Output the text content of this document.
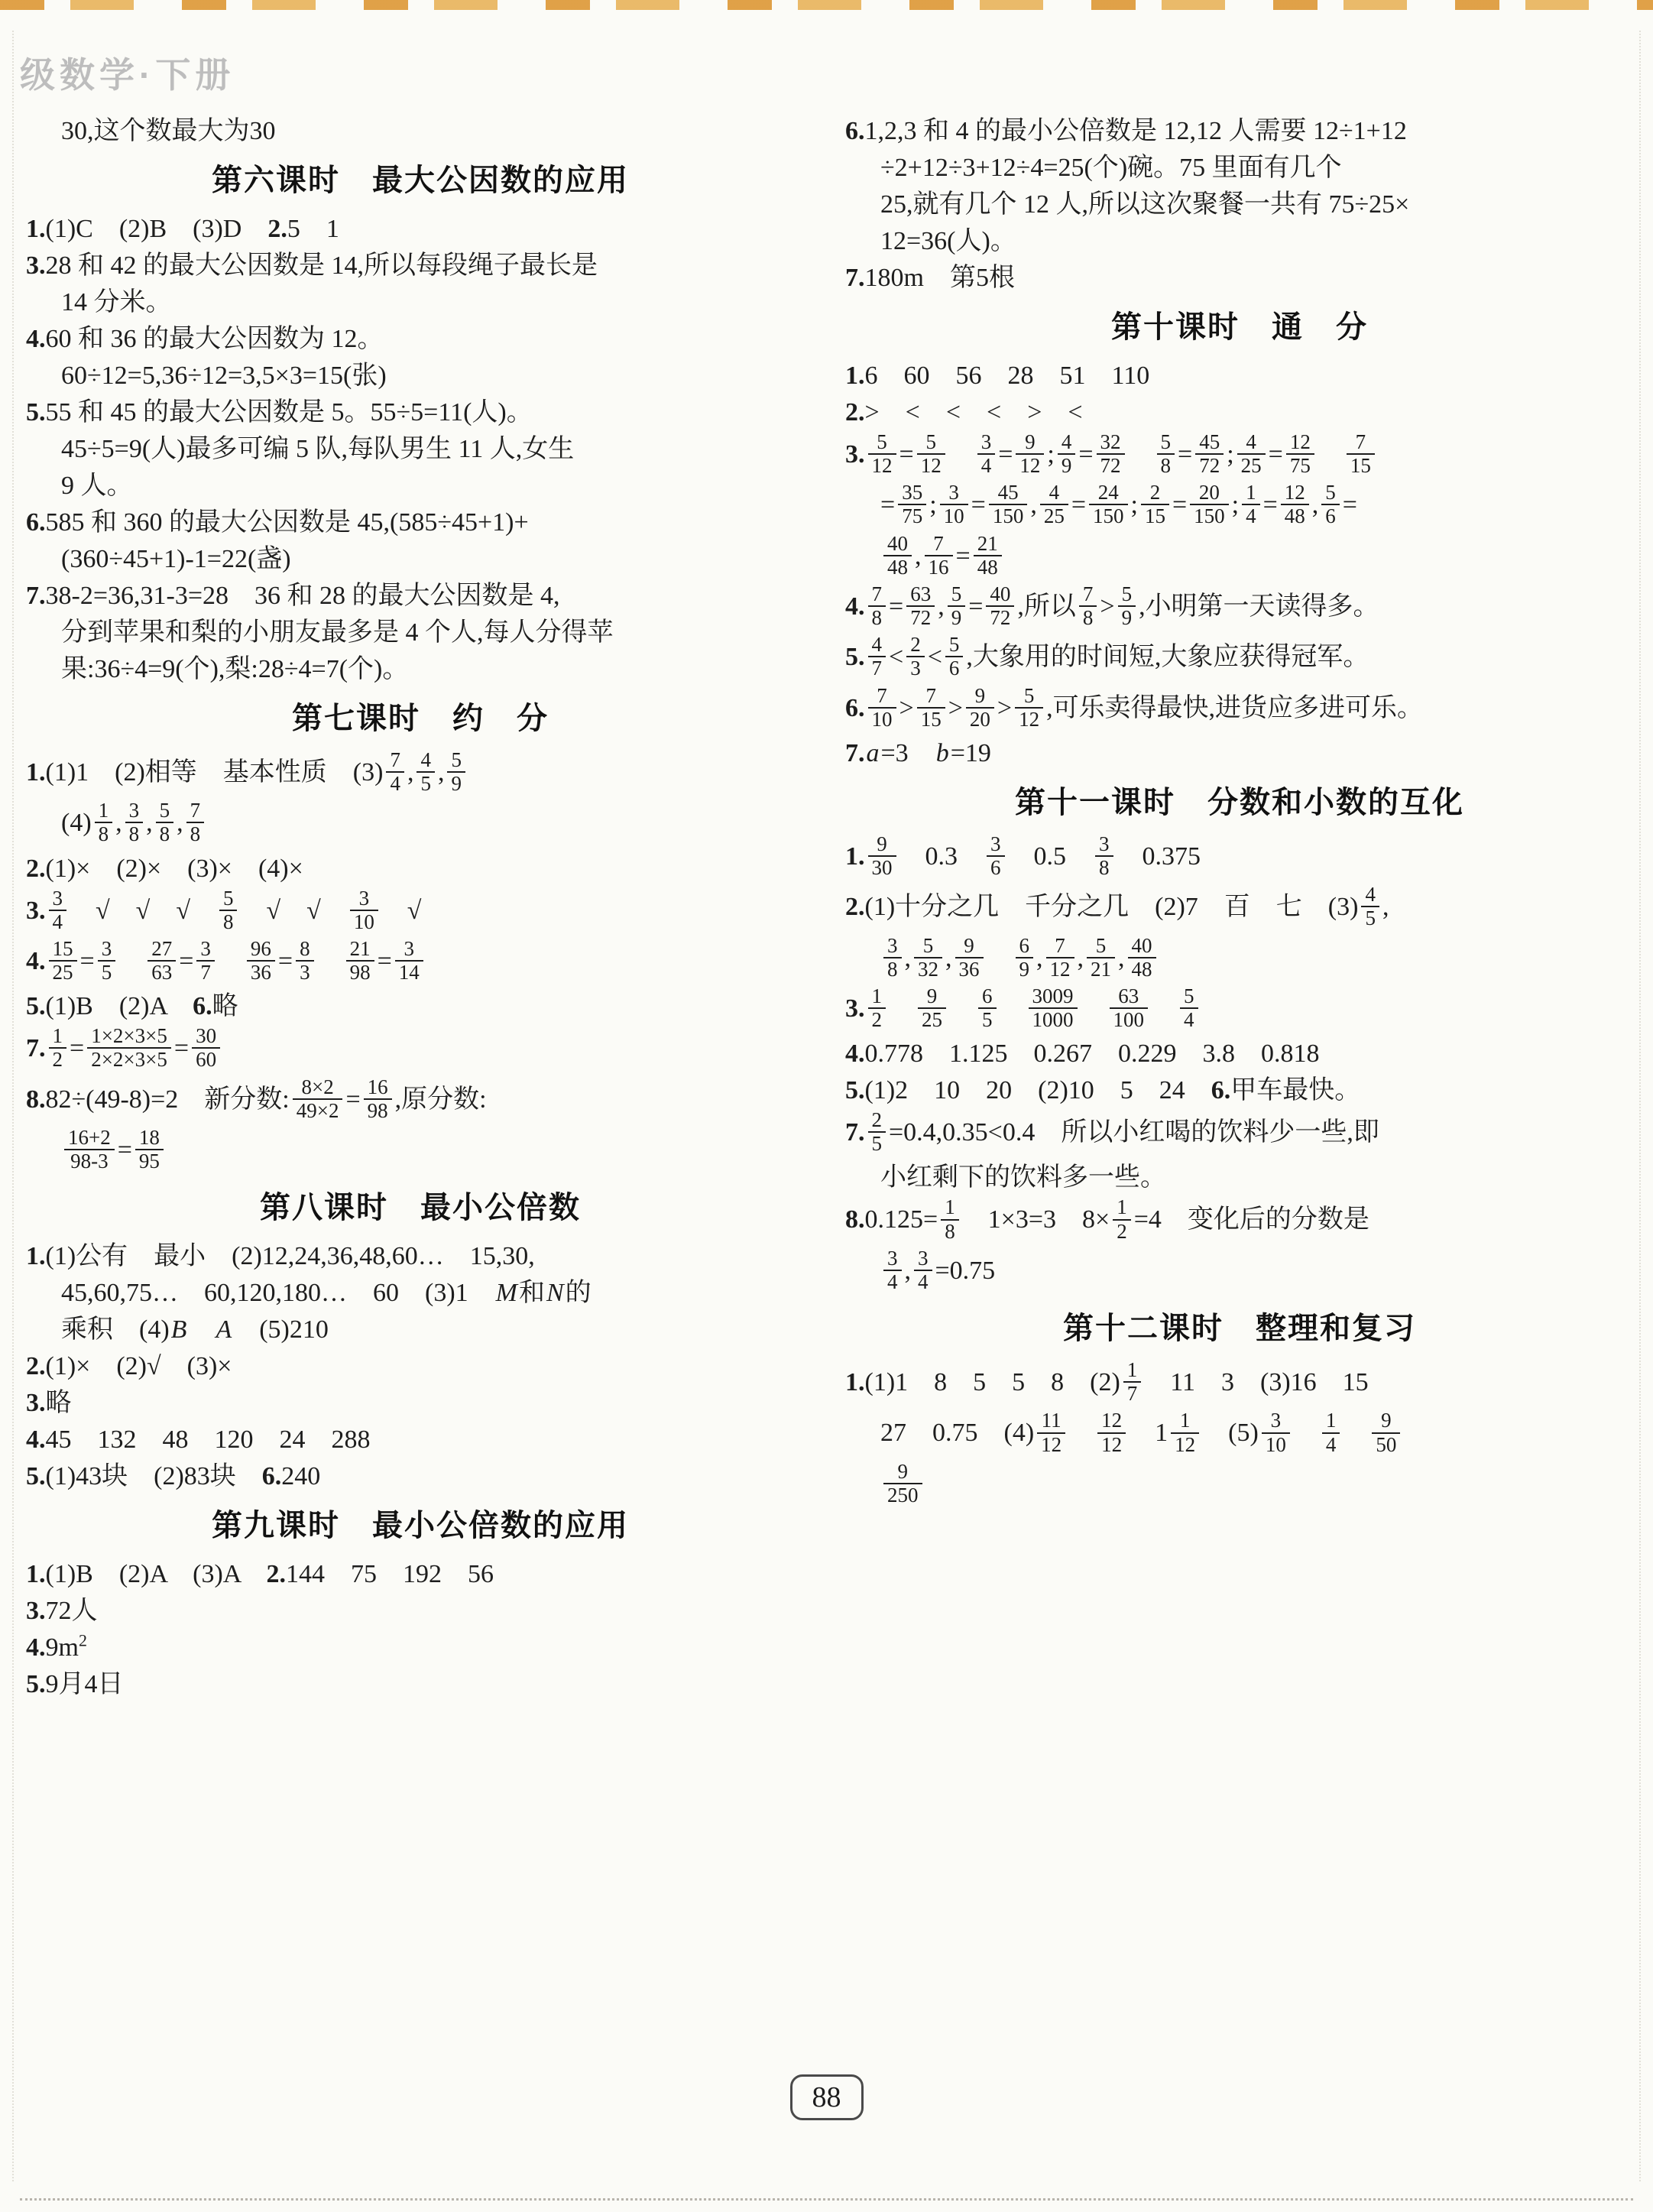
级数学·下册
30,这个数最大为30
第六课时　最大公因数的应用
1.(1)C　(2)B　(3)D　2.5　1
3.28 和 42 的最大公因数是 14,所以每段绳子最长是
14 分米。
4.60 和 36 的最大公因数为 12。
60÷12=5,36÷12=3,5×3=15(张)
5.55 和 45 的最大公因数是 5。55÷5=11(人)。
45÷5=9(人)最多可编 5 队,每队男生 11 人,女生
9 人。
6.585 和 360 的最大公因数是 45,(585÷45+1)+
(360÷45+1)-1=22(盏)
7.38-2=36,31-3=28　36 和 28 的最大公因数是 4,
分到苹果和梨的小朋友最多是 4 个人,每人分得苹
果:36÷4=9(个),梨:28÷4=7(个)。
第七课时　约　分
1.(1)1　(2)相等　基本性质　$(3) \frac{7}{4}$ , $\frac{4}{5}$ , $\frac{5}{9}$
$(4) \frac{1}{8}$ , $\frac{3}{8}$ , $\frac{5}{8}$ , $\frac{7}{8}$
2.(1)×　(2)×　(3)×　(4)×
3. $\frac{3}{4}$ 　√　√　√　 $\frac{5}{8}$ 　√　√　 $\frac{3}{10}$ 　√
4. $\frac{15}{25} = \frac{3}{5}$
　 $\frac{27}{63} = \frac{3}{7}$
　 $\frac{96}{36} = \frac{8}{3}$
　 $\frac{21}{98} = \frac{3}{14}$
5.(1)B　(2)A　6.略
7. $\frac{1}{2} = \frac{1\times 2\times 3\times 5}{2\times 2\times 3\times 5} = \frac{30}{60}$
8.82÷(49-8)=2　新分数: $\frac{8\times 2}{49\times 2} = \frac{16}{98}$ ,原分数:
$\frac{16+2}{98-3} = \frac{18}{95}$
第八课时　最小公倍数
1.(1)公有　最小　(2)12,24,36,48,60…　15,30,
45,60,75…　60,120,180…　60　(3)1　M和N的
乘积　(4)B　 A　(5)210
2.(1)×　(2)√　(3)×
3.略
4.45　132　48　120　24　288
5.(1)43块　(2)83块　6.240
第九课时　最小公倍数的应用
1.(1)B　(2)A　(3)A　2.144　75　192　56
3.72人
$4.9m^2$
5.9月4日
6.1,2,3 和 4 的最小公倍数是 12,12 人需要 12÷1+12
÷2+12÷3+12÷4=25(个)碗。75 里面有几个
25,就有几个 12 人,所以这次聚餐一共有 75÷25×
12=36(人)。
7.180m　第5根
第十课时　通　分
1.6　60　56　28　51　110
2.>　<　<　<　>　<
3. $\frac{5}{12} = \frac{5}{12}$
　 $\frac{3}{4} = \frac{9}{12}$ ; $\frac{4}{9} = \frac{32}{72}$
　 $\frac{5}{8} = \frac{45}{72}$ ; $\frac{4}{25} = \frac{12}{75}$
　 $\frac{7}{15}$
= $\frac{35}{75}$ ; $\frac{3}{10} = \frac{45}{150}$ , $\frac{4}{25} = \frac{24}{150}$ ; $\frac{2}{15} = \frac{20}{150}$ ; $\frac{1}{4} = \frac{12}{48}$ , $\frac{5}{6}$ =
$\frac{40}{48}$ , $\frac{7}{16} = \frac{21}{48}$
4. $\frac{7}{8} = \frac{63}{72}$ , $\frac{5}{9} = \frac{40}{72}$ ,所以 $\frac{7}{8} > \frac{5}{9}$ ,小明第一天读得多。
5. $\frac{4}{7} < \frac{2}{3} < \frac{5}{6}$ ,大象用的时间短,大象应获得冠军。
6. $\frac{7}{10} > \frac{7}{15} > \frac{9}{20} > \frac{5}{12}$ ,可乐卖得最快,进货应多进可乐。
7.a=3　b=19
第十一课时　分数和小数的互化
1. $\frac{9}{30}$ 　0.3　 $\frac{3}{6}$ 　0.5　 $\frac{3}{8}$ 　0.375
2.(1)十分之几　千分之几　(2)7　百　七　$(3) \frac{4}{5}$ ,
$\frac{3}{8}$ , $\frac{5}{32}$ , $\frac{9}{36}$
　 $\frac{6}{9}$ , $\frac{7}{12}$ , $\frac{5}{21}$ , $\frac{40}{48}$
3. $\frac{1}{2}$
　 $\frac{9}{25}$
　 $\frac{6}{5}$
　 $\frac{3009}{1000}$
　 $\frac{63}{100}$
　 $\frac{5}{4}$
4.0.778　1.125　0.267　0.229　3.8　0.818
5.(1)2　10　20　(2)10　5　24　6.甲车最快。
7. $\frac{2}{5} =0.4,0.35<0.4$　所以小红喝的饮料少一些,即
小红剩下的饮料多一些。
$8.0.125= \frac{1}{8}$ 　1×3=3　$8\times \frac{1}{2} =4$　变化后的分数是
$\frac{3}{4}$ , $\frac{3}{4} =0.75$
第十二课时　整理和复习
1.(1)1　8　5　5　8　$(2) \frac{1}{7}$ 　11　3　(3)16　15
27　0.75　$(4) \frac{11}{12}$
　 $\frac{12}{12}$ 　$1 \frac{1}{12}$ 　$(5) \frac{3}{10}$
　 $\frac{1}{4}$
　 $\frac{9}{50}$
$\frac{9}{250}$
88
